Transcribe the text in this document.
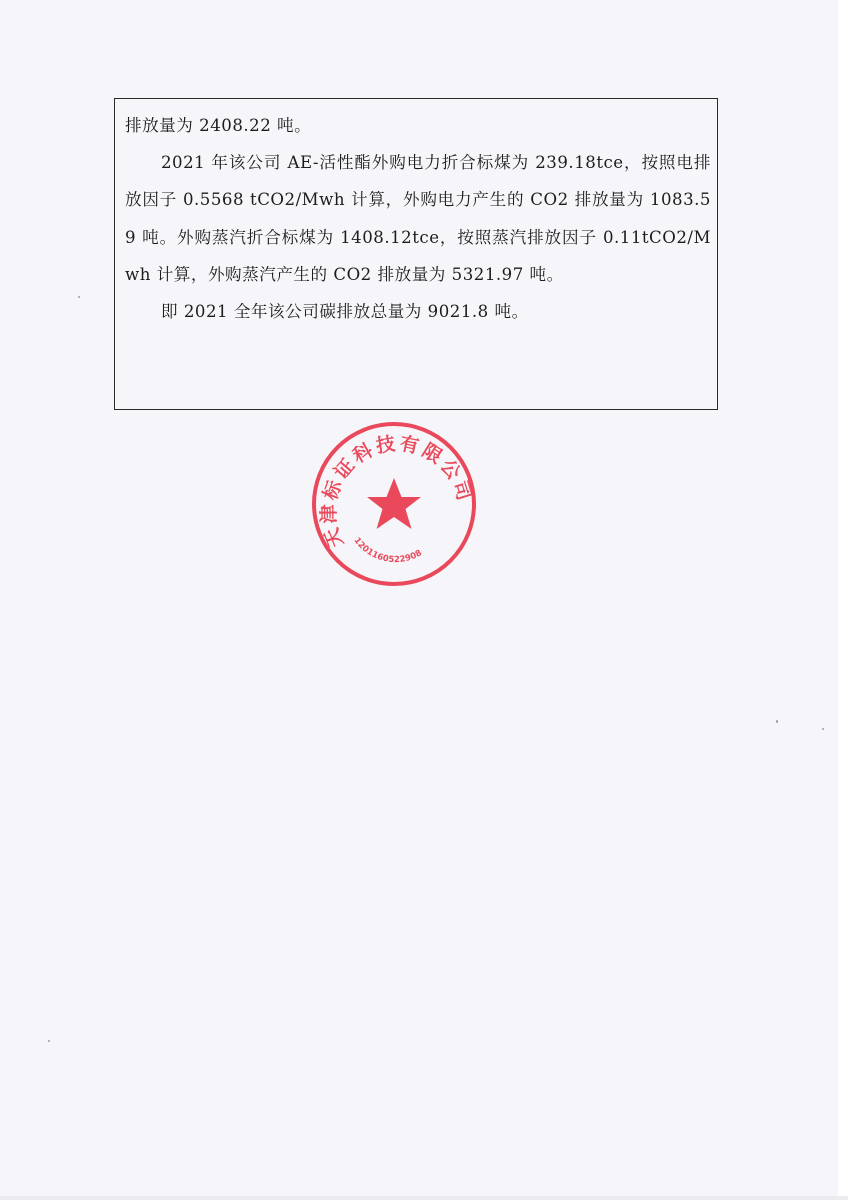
排放量为 2408.22 吨。

2021 年该公司 AE-活性酯外购电力折合标煤为 239.18tce，按照电排放因子 0.5568 tCO2/Mwh 计算，外购电力产生的 CO2 排放量为 1083.59 吨。外购蒸汽折合标煤为 1408.12tce，按照蒸汽排放因子 0.11tCO2/Mwh 计算，外购蒸汽产生的 CO2 排放量为 5321.97 吨。

即 2021 全年该公司碳排放总量为 9021.8 吨。

天津标证科技有限公司
1201160522908
